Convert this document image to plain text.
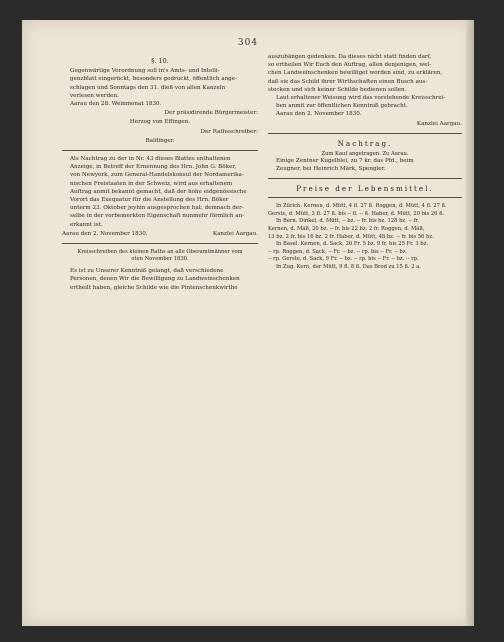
304
§. 10.
Gegenwärtige Verordnung soll in's Amts- und Intelli-
genzblatt eingerückt, besonders gedruckt, öffentlich ange-
schlagen und Sonntags den 31. dieß von allen Kanzeln
verlesen werden.
Aarau den 28. Weinmonat 1830.
Der präsidirende Bürgermeister:
Herzog von Effingen.
Der Rathsschreiber:
Baldinger.
Als Nachtrag zu der in Nr. 43 dieses Blattes enthaltenen
Anzeige, in Betreff der Ernennung des Hrn. John G. Böker,
von Newyork, zum General-Handelskonsul der Nordamerika-
nischen Freistaaten in der Schweiz, wird aus erhaltenem
Auftrag anmit bekannt gemacht, daß der hohe eidgenössische
Vorort das Exequatur für die Anstellung des Hrn. Böker
unterm 23. Oktober jeyhin ausgesprochen hat; demnach der-
selbe in der vorbemerkten Eigenschaft nunmehr förmlich an-
erkannt ist.
Aarau den 2. November 1830.	Kanzlei Aargau.
Kreisschreiben des kleinen Raths an alle Oberamtmänner vom
oten November 1830.
Es ist zu Unserer Kenntniß gelangt, daß verschiedene
Personen, denen Wir die Bewilligung zu Landweinschenken
ertheilt haben, gleiche Schilde wie die Pintenschenkwirthe
auszuhängen gedenken. Da dieses nicht statt finden darf,
so ertheilen Wir Euch den Auftrag, allen denjenigen, wel-
chen Landweinschenken bewilliget worden sind, zu erklären,
daß sie das Schild ihrer Wirthschaften einen Busch aus-
stecken und sich keiner Schilde bedienen sollen.
Laut erhaltener Weisung wird das vorstehende Kreisschrei-
ben anmit zur öffentlichen Kenntniß gebracht.
Aarau den 2. November 1830.
Kanzlei Aargau.
Nachtrag.
Zum Kauf angetragen. Zu Aarau.
Einige Zentner Kugelblei, zu 7 kr. das Pfd., beim
Zeugner, bei Heinrich Märk, Spengler.
Preise der Lebensmittel.
In Zürich. Kernen, d. Mütt, 4 fl. 27 ß. Roggen, d. Mütt, 4 fl. 27 ß.
Gerste, d. Mütt, 3 fl. 27 ß. bis -- fl. -- ß. Haber, d. Mütt, 20 bis 26 ß.
In Bern. Dinkel, d. Mütt, -- bz. -- fr. bis bz. 128 bz. -- fr.
Kernen, d. Mäß, 20 bz. -- fr. bis 22 bz. 2 fr. Roggen, d. Mäß,
13 bz. 2 fr. bis 16 bz. 2 fr. Haber, d. Mütt, 48 bz. -- fr. bis 56 bz.
In Basel. Kernen, d. Sack, 20 Fr. 5 bz. 9 fr. bis 25 Fr. 3 bz.
-- rp. Roggen, d. Sack, -- Fr. -- bz. -- rp. bis -- Fr. -- bz.
-- rp. Gerste, d. Sack, 9 Fr. -- bz. -- rp. bis -- Fr. -- bz. -- rp.
In Zug. Kern, der Mütt, 9 fl. 8 ß. Das Brod zu 15 ß. 2 a.
